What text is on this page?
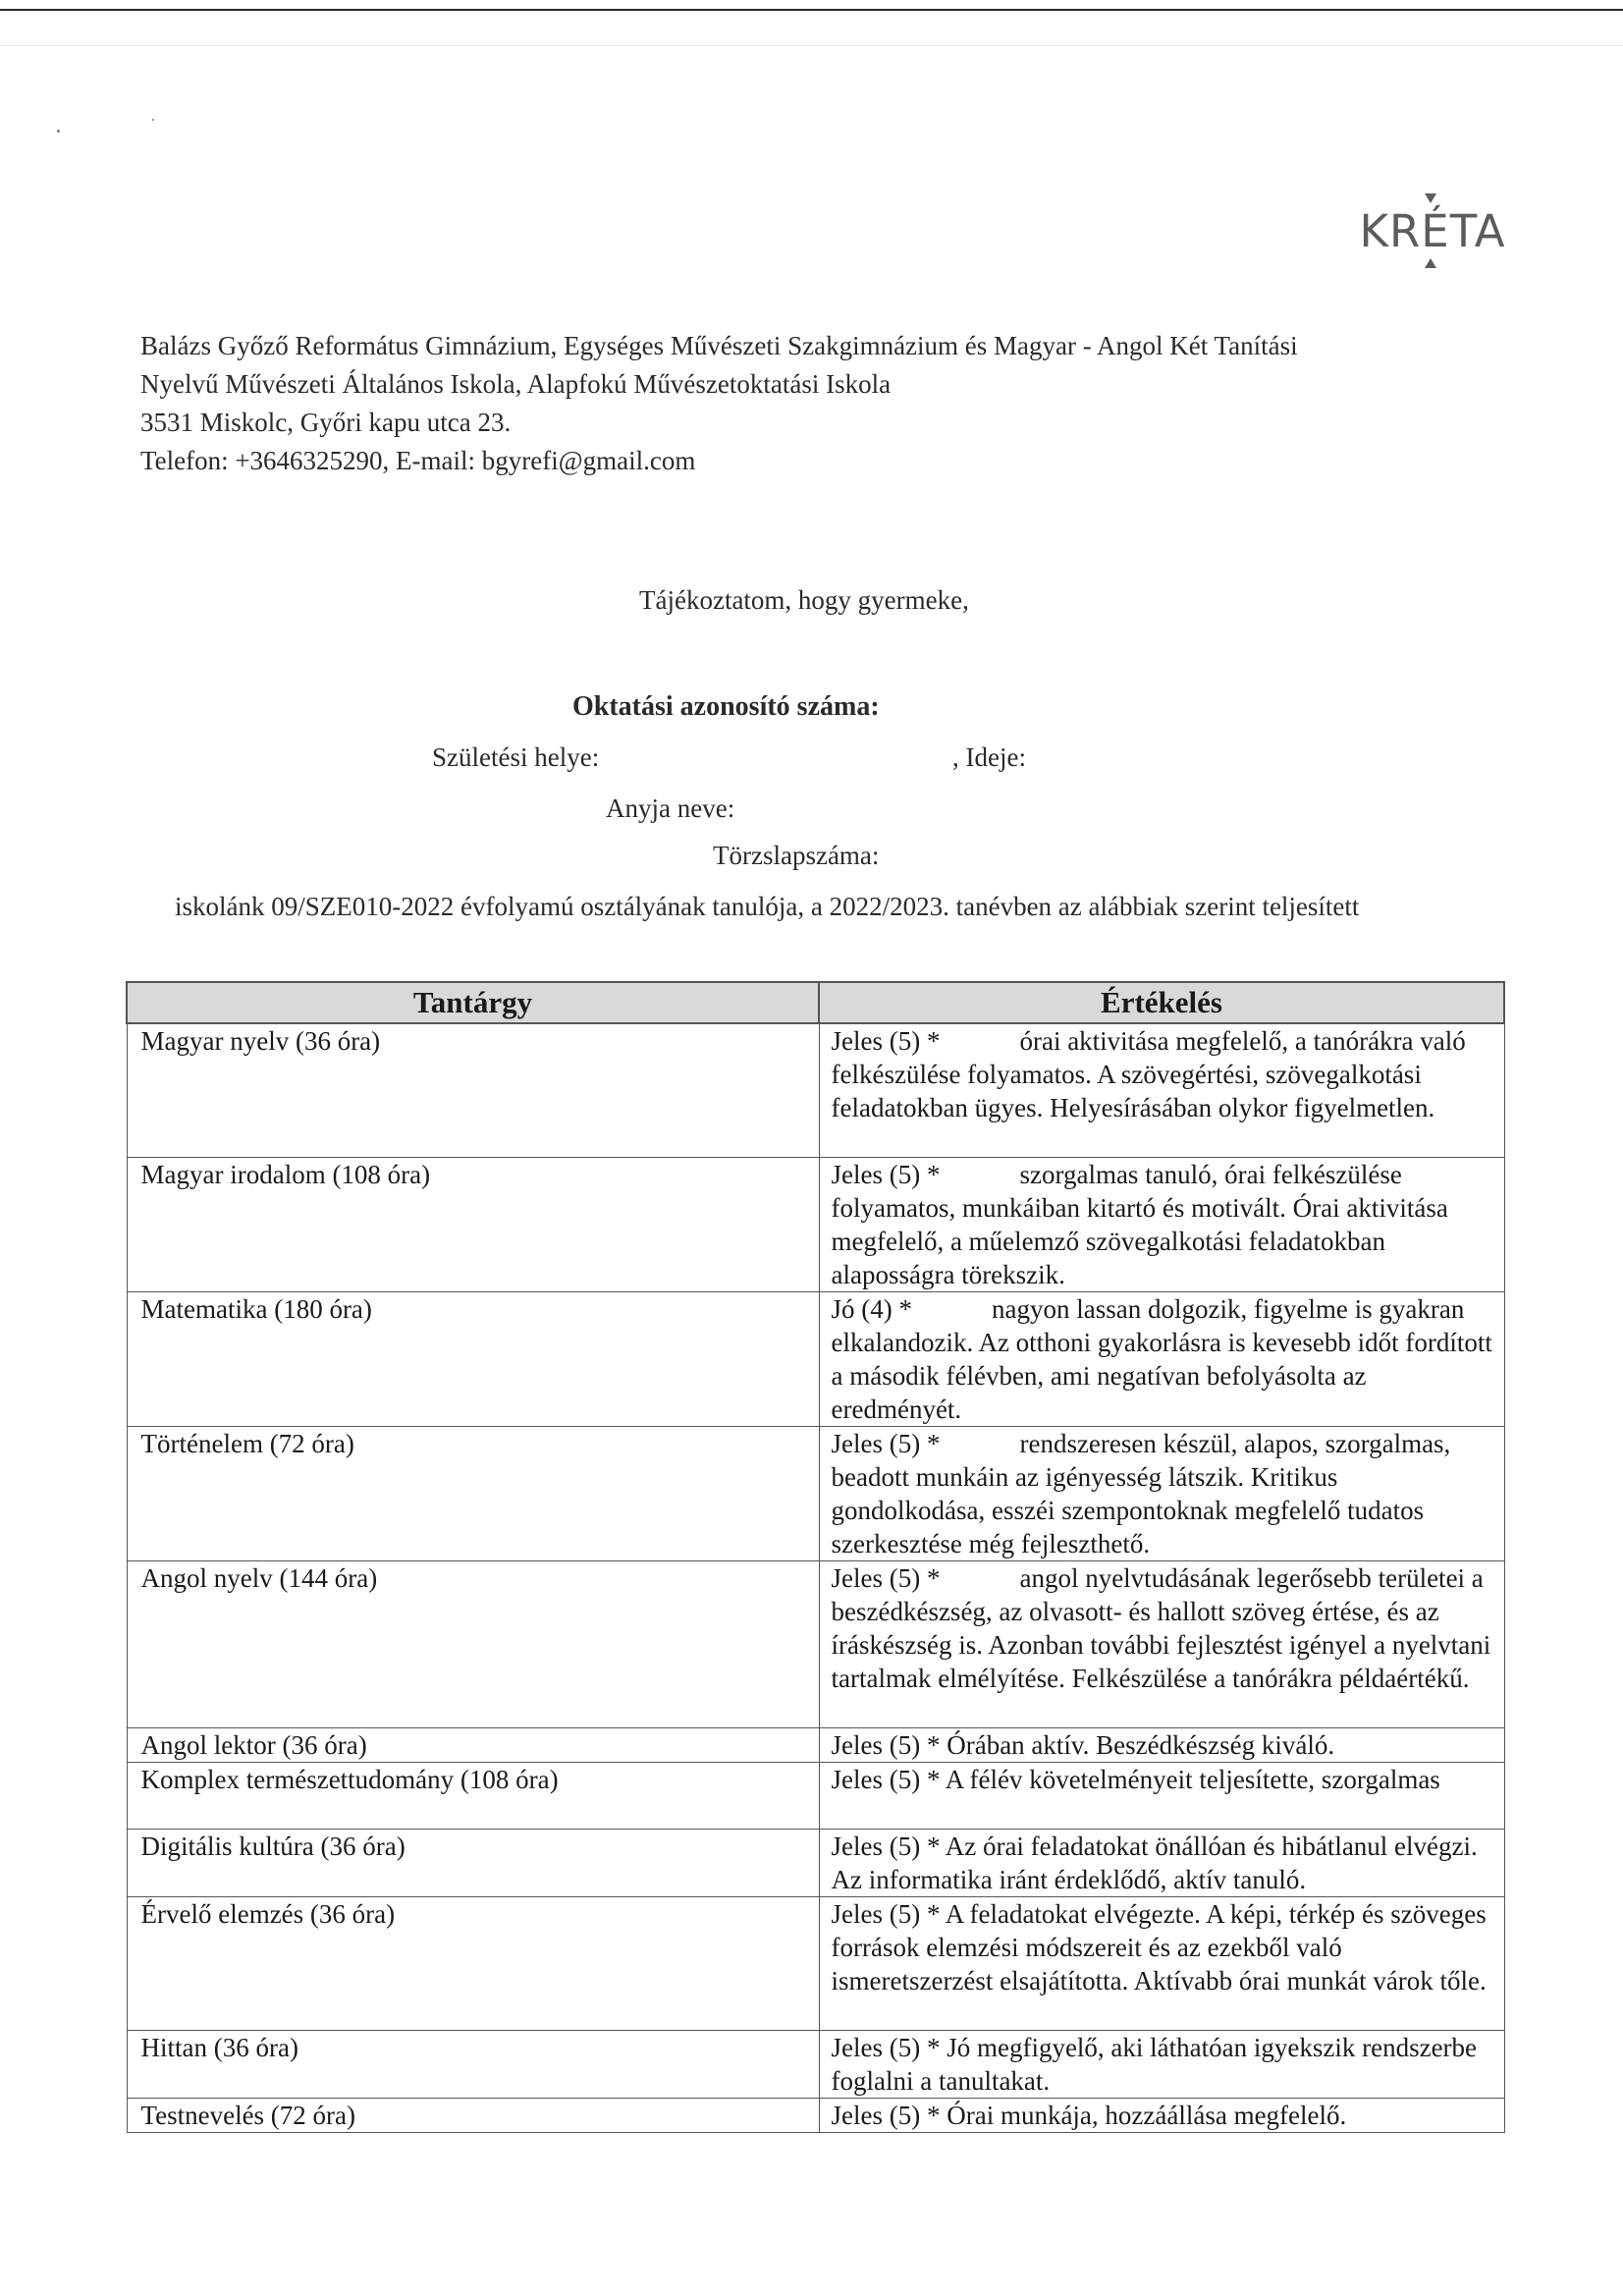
KRÉTA
Balázs Győző Református Gimnázium, Egységes Művészeti Szakgimnázium és Magyar - Angol Két Tanítási
Nyelvű Művészeti Általános Iskola, Alapfokú Művészetoktatási Iskola
3531 Miskolc, Győri kapu utca 23.
Telefon: +3646325290, E-mail: bgyrefi@gmail.com
Tájékoztatom, hogy gyermeke,
Oktatási azonosító száma:
Születési helye:	, Ideje:
Anyja neve:
Törzslapszáma:
iskolánk 09/SZE010-2022 évfolyamú osztályának tanulója, a 2022/2023. tanévben az alábbiak szerint teljesített
Tantárgy	Értékelés
Magyar nyelv (36 óra)	Jeles (5) *   órai aktivitása megfelelő, a tanórákra való felkészülése folyamatos. A szövegértési, szövegalkotási feladatokban ügyes. Helyesírásában olykor figyelmetlen.
Magyar irodalom (108 óra)	Jeles (5) *   szorgalmas tanuló, órai felkészülése folyamatos, munkáiban kitartó és motivált. Órai aktivitása megfelelő, a műelemző szövegalkotási feladatokban alaposságra törekszik.
Matematika (180 óra)	Jó (4) *   nagyon lassan dolgozik, figyelme is gyakran elkalandozik. Az otthoni gyakorlásra is kevesebb időt fordított a második félévben, ami negatívan befolyásolta az eredményét.
Történelem (72 óra)	Jeles (5) *   rendszeresen készül, alapos, szorgalmas, beadott munkáin az igényesség látszik. Kritikus gondolkodása, esszéi szempontoknak megfelelő tudatos szerkesztése még fejleszthető.
Angol nyelv (144 óra)	Jeles (5) *   angol nyelvtudásának legerősebb területei a beszédkészség, az olvasott- és hallott szöveg értése, és az íráskészség is. Azonban további fejlesztést igényel a nyelvtani tartalmak elmélyítése. Felkészülése a tanórákra példaértékű.
Angol lektor (36 óra)	Jeles (5) * Órában aktív. Beszédkészség kiváló.
Komplex természettudomány (108 óra)	Jeles (5) * A félév követelményeit teljesítette, szorgalmas
Digitális kultúra (36 óra)	Jeles (5) * Az órai feladatokat önállóan és hibátlanul elvégzi. Az informatika iránt érdeklődő, aktív tanuló.
Érvelő elemzés (36 óra)	Jeles (5) * A feladatokat elvégezte. A képi, térkép és szöveges források elemzési módszereit és az ezekből való ismeretszerzést elsajátította. Aktívabb órai munkát várok tőle.
Hittan (36 óra)	Jeles (5) * Jó megfigyelő, aki láthatóan igyekszik rendszerbe foglalni a tanultakat.
Testnevelés (72 óra)	Jeles (5) * Órai munkája, hozzáállása megfelelő.
